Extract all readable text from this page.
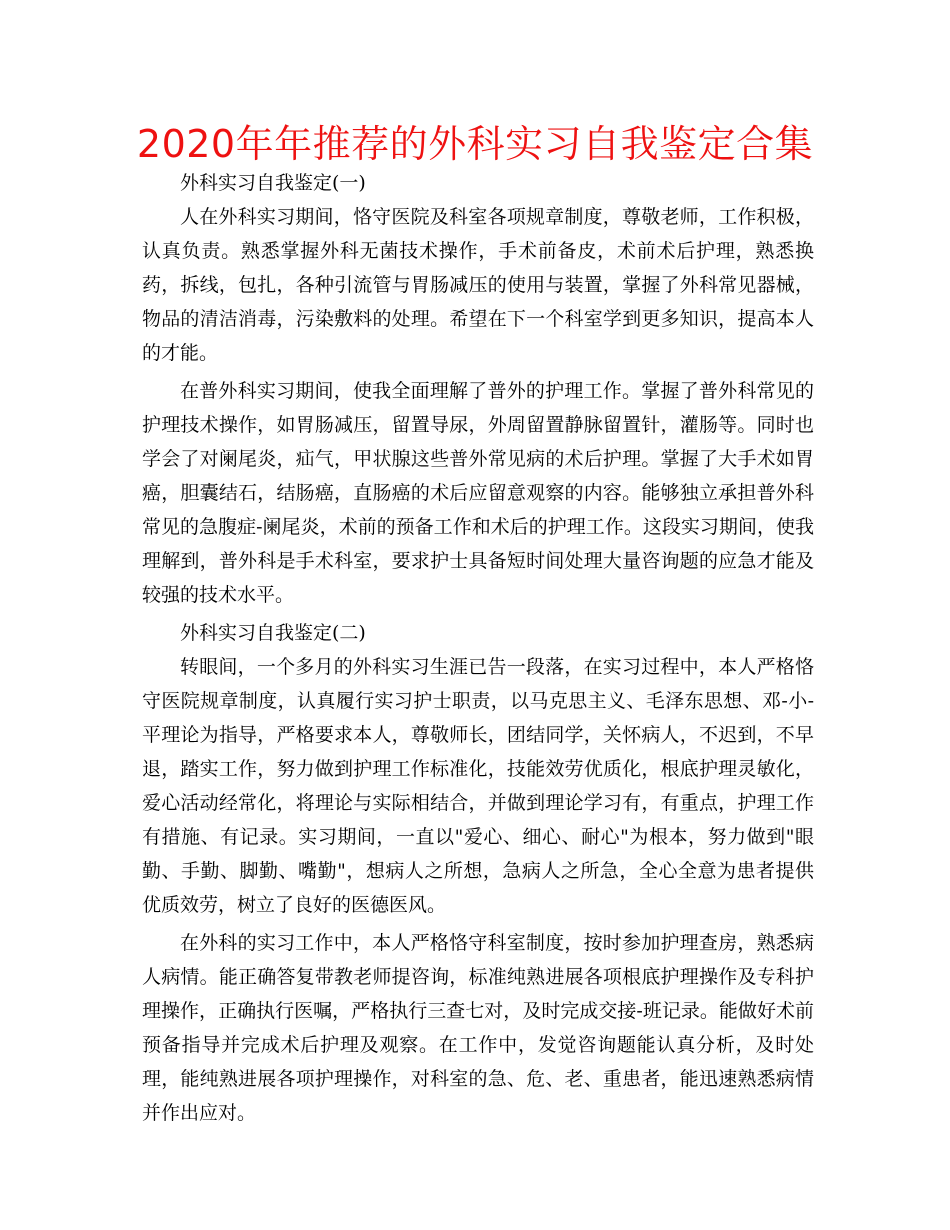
2020年年推荐的外科实习自我鉴定合集

外科实习自我鉴定(一)

人在外科实习期间，恪守医院及科室各项规章制度，尊敬老师，工作积极，认真负责。熟悉掌握外科无菌技术操作，手术前备皮，术前术后护理，熟悉换药，拆线，包扎，各种引流管与胃肠减压的使用与装置，掌握了外科常见器械，物品的清洁消毒，污染敷料的处理。希望在下一个科室学到更多知识，提高本人的才能。

在普外科实习期间，使我全面理解了普外的护理工作。掌握了普外科常见的护理技术操作，如胃肠减压，留置导尿，外周留置静脉留置针，灌肠等。同时也学会了对阑尾炎，疝气，甲状腺这些普外常见病的术后护理。掌握了大手术如胃癌，胆囊结石，结肠癌，直肠癌的术后应留意观察的内容。能够独立承担普外科常见的急腹症-阑尾炎，术前的预备工作和术后的护理工作。这段实习期间，使我理解到，普外科是手术科室，要求护士具备短时间处理大量咨询题的应急才能及较强的技术水平。

外科实习自我鉴定(二)

转眼间，一个多月的外科实习生涯已告一段落，在实习过程中，本人严格恪守医院规章制度，认真履行实习护士职责，以马克思主义、毛泽东思想、邓-小-平理论为指导，严格要求本人，尊敬师长，团结同学，关怀病人，不迟到，不早退，踏实工作，努力做到护理工作标准化，技能效劳优质化，根底护理灵敏化，爱心活动经常化，将理论与实际相结合，并做到理论学习有，有重点，护理工作有措施、有记录。实习期间，一直以"爱心、细心、耐心"为根本，努力做到"眼勤、手勤、脚勤、嘴勤"，想病人之所想，急病人之所急，全心全意为患者提供优质效劳，树立了良好的医德医风。

在外科的实习工作中，本人严格恪守科室制度，按时参加护理查房，熟悉病人病情。能正确答复带教老师提咨询，标准纯熟进展各项根底护理操作及专科护理操作，正确执行医嘱，严格执行三查七对，及时完成交接-班记录。能做好术前预备指导并完成术后护理及观察。在工作中，发觉咨询题能认真分析，及时处理，能纯熟进展各项护理操作，对科室的急、危、老、重患者，能迅速熟悉病情并作出应对。
